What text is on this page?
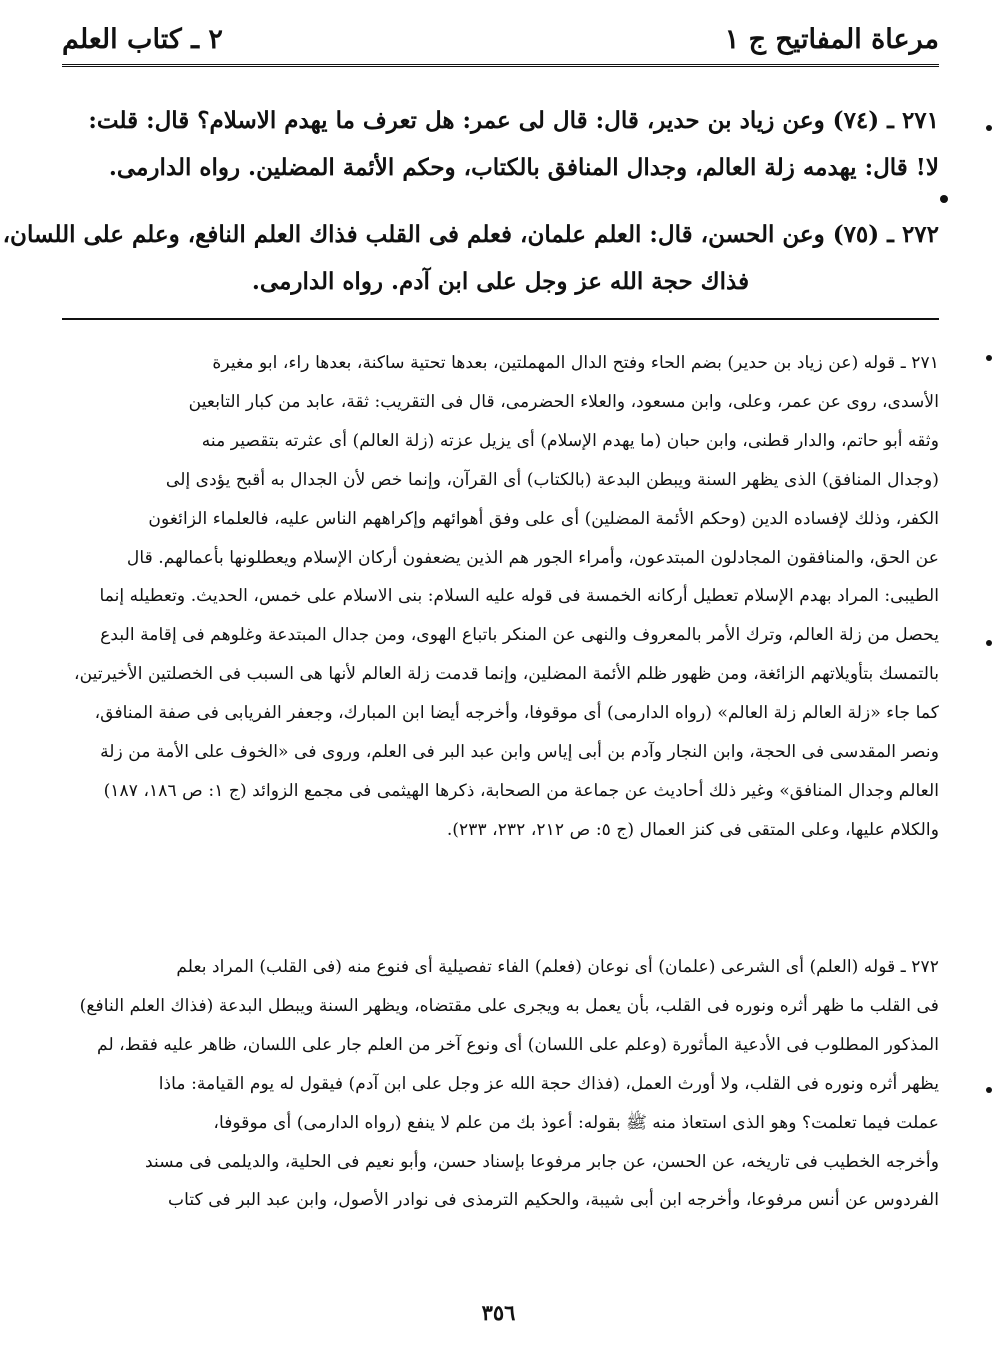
مرعاة المفاتيح ج ١
٢ ـ كتاب العلم
٢٧١ ـ (٧٤) وعن زياد بن حدير، قال: قال لى عمر: هل تعرف ما يهدم الاسلام؟ قال: قلت:
لا! قال: يهدمه زلة العالم، وجدال المنافق بالكتاب، وحكم الأئمة المضلين. رواه الدارمى.
٢٧٢ ـ (٧٥) وعن الحسن، قال: العلم علمان، فعلم فى القلب فذاك العلم النافع، وعلم على اللسان،
فذاك حجة الله عز وجل على ابن آدم. رواه الدارمى.
٢٧١ ـ قوله (عن زياد بن حدير) بضم الحاء وفتح الدال المهملتين، بعدها تحتية ساكنة، بعدها راء، ابو مغيرة
الأسدى، روى عن عمر، وعلى، وابن مسعود، والعلاء الحضرمى، قال فى التقريب: ثقة، عابد من كبار التابعين
وثقه أبو حاتم، والدار قطنى، وابن حبان (ما يهدم الإسلام) أى يزيل عزته (زلة العالم) أى عثرته بتقصير منه
(وجدال المنافق) الذى يظهر السنة ويبطن البدعة (بالكتاب) أى القرآن، وإنما خص لأن الجدال به أقبح يؤدى إلى
الكفر، وذلك لإفساده الدين (وحكم الأئمة المضلين) أى على وفق أهوائهم وإكراههم الناس عليه، فالعلماء الزائغون
عن الحق، والمنافقون المجادلون المبتدعون، وأمراء الجور هم الذين يضعفون أركان الإسلام ويعطلونها بأعمالهم. قال
الطيبى: المراد بهدم الإسلام تعطيل أركانه الخمسة فى قوله عليه السلام: بنى الاسلام على خمس، الحديث. وتعطيله إنما
يحصل من زلة العالم، وترك الأمر بالمعروف والنهى عن المنكر باتباع الهوى، ومن جدال المبتدعة وغلوهم فى إقامة البدع
بالتمسك بتأويلاتهم الزائغة، ومن ظهور ظلم الأئمة المضلين، وإنما قدمت زلة العالم لأنها هى السبب فى الخصلتين الأخيرتين،
كما جاء «زلة العالم زلة العالم» (رواه الدارمى) أى موقوفا، وأخرجه أيضا ابن المبارك، وجعفر الفريابى فى صفة المنافق،
ونصر المقدسى فى الحجة، وابن النجار وآدم بن أبى إياس وابن عبد البر فى العلم، وروى فى «الخوف على الأمة من زلة
العالم وجدال المنافق» وغير ذلك أحاديث عن جماعة من الصحابة، ذكرها الهيثمى فى مجمع الزوائد (ج ١: ص ١٨٦، ١٨٧)
والكلام عليها، وعلى المتقى فى كنز العمال (ج ٥: ص ٢١٢، ٢٣٢، ٢٣٣).
٢٧٢ ـ قوله (العلم) أى الشرعى (علمان) أى نوعان (فعلم) الفاء تفصيلية أى فنوع منه (فى القلب) المراد بعلم
فى القلب ما ظهر أثره ونوره فى القلب، بأن يعمل به ويجرى على مقتضاه، ويظهر السنة ويبطل البدعة (فذاك العلم النافع)
المذكور المطلوب فى الأدعية المأثورة (وعلم على اللسان) أى ونوع آخر من العلم جار على اللسان، ظاهر عليه فقط، لم
يظهر أثره ونوره فى القلب، ولا أورث العمل، (فذاك حجة الله عز وجل على ابن آدم) فيقول له يوم القيامة: ماذا
عملت فيما تعلمت؟ وهو الذى استعاذ منه ﷺ بقوله: أعوذ بك من علم لا ينفع (رواه الدارمى) أى موقوفا،
وأخرجه الخطيب فى تاريخه، عن الحسن، عن جابر مرفوعا بإسناد حسن، وأبو نعيم فى الحلية، والديلمى فى مسند
الفردوس عن أنس مرفوعا، وأخرجه ابن أبى شيبة، والحكيم الترمذى فى نوادر الأصول، وابن عبد البر فى كتاب
٣٥٦
